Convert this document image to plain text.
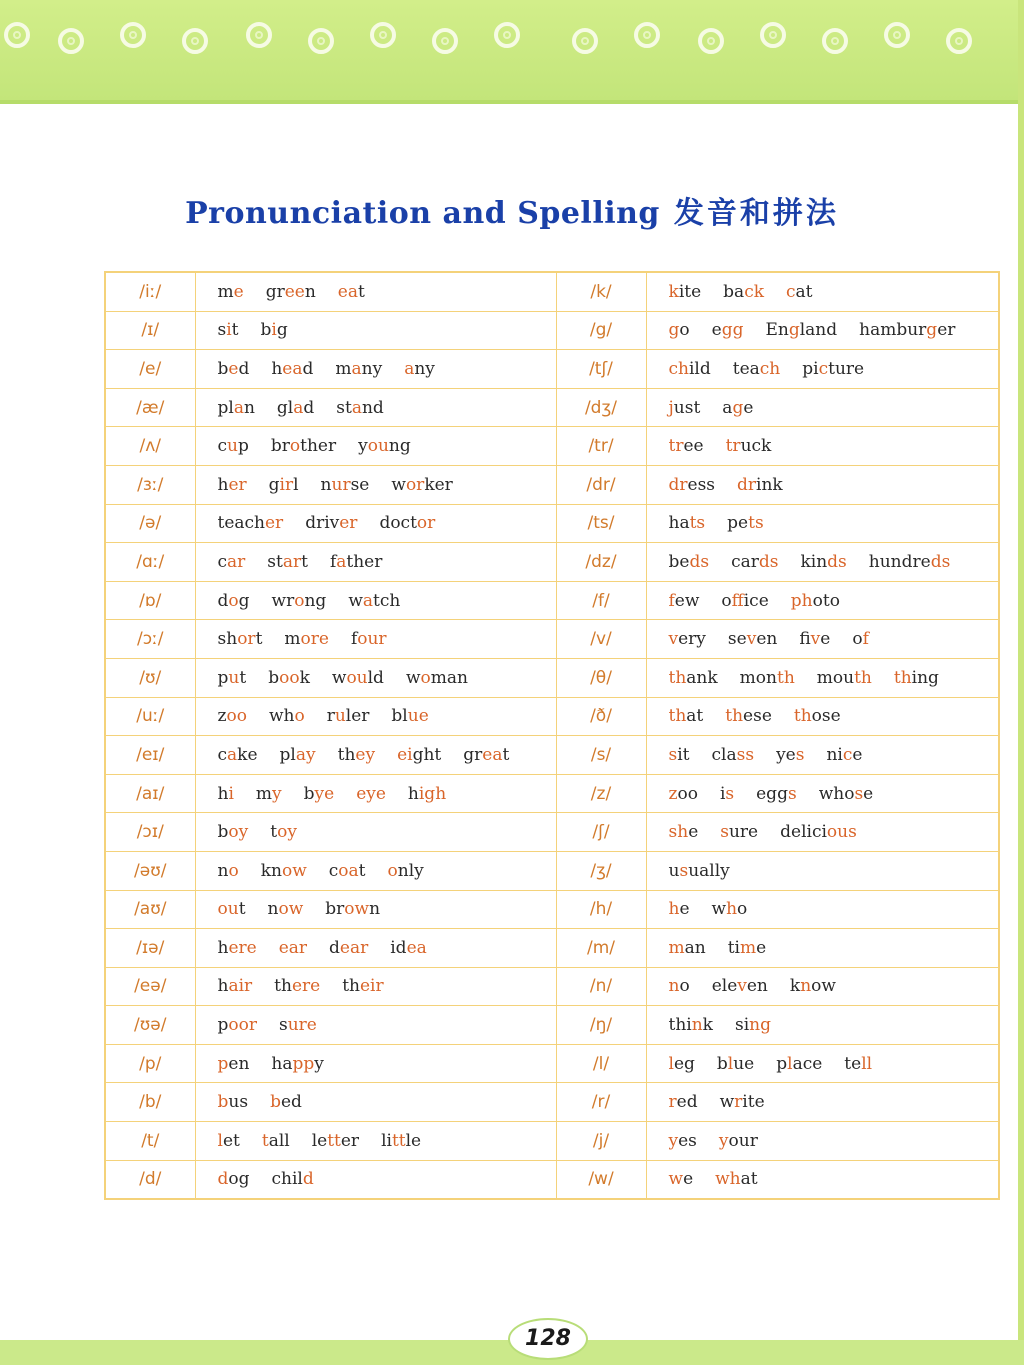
Pronunciation and Spelling 发音和拼法
/iː/	me green eat	/k/	kite back cat
/ɪ/	sit big	/g/	go egg England hamburger
/e/	bed head many any	/tʃ/	child teach picture
/æ/	plan glad stand	/dʒ/	just age
/ʌ/	cup brother young	/tr/	tree truck
/ɜː/	her girl nurse worker	/dr/	dress drink
/ə/	teacher driver doctor	/ts/	hats pets
/ɑː/	car start father	/dz/	beds cards kinds hundreds
/ɒ/	dog wrong watch	/f/	few office photo
/ɔː/	short more four	/v/	very seven five of
/ʊ/	put book would woman	/θ/	thank month mouth thing
/uː/	zoo who ruler blue	/ð/	that these those
/eɪ/	cake play they eight great	/s/	sit class yes nice
/aɪ/	hi my bye eye high	/z/	zoo is eggs whose
/ɔɪ/	boy toy	/ʃ/	she sure delicious
/əʊ/	no know coat only	/ʒ/	usually
/aʊ/	out now brown	/h/	he who
/ɪə/	here ear dear idea	/m/	man time
/eə/	hair there their	/n/	no eleven know
/ʊə/	poor sure	/ŋ/	think sing
/p/	pen happy	/l/	leg blue place tell
/b/	bus bed	/r/	red write
/t/	let tall letter little	/j/	yes your
/d/	dog child	/w/	we what
128
